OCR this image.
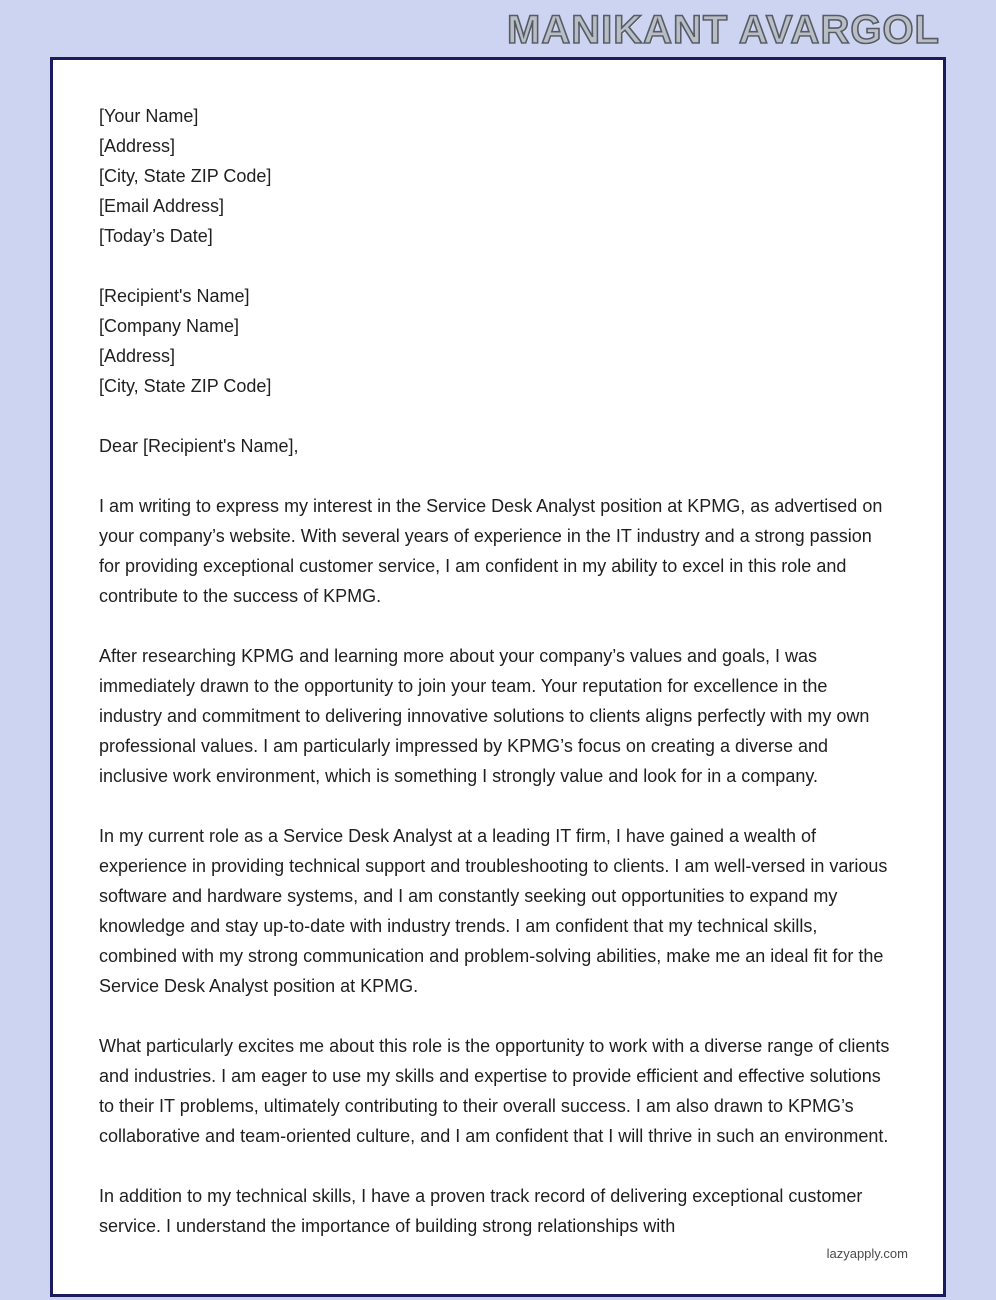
MANIKANT AVARGOL
[Your Name]
[Address]
[City, State ZIP Code]
[Email Address]
[Today’s Date]
[Recipient's Name]
[Company Name]
[Address]
[City, State ZIP Code]
Dear [Recipient's Name],

I am writing to express my interest in the Service Desk Analyst position at KPMG, as advertised on your company’s website. With several years of experience in the IT industry and a strong passion for providing exceptional customer service, I am confident in my ability to excel in this role and contribute to the success of KPMG.

After researching KPMG and learning more about your company’s values and goals, I was immediately drawn to the opportunity to join your team. Your reputation for excellence in the industry and commitment to delivering innovative solutions to clients aligns perfectly with my own professional values. I am particularly impressed by KPMG’s focus on creating a diverse and inclusive work environment, which is something I strongly value and look for in a company.

In my current role as a Service Desk Analyst at a leading IT firm, I have gained a wealth of experience in providing technical support and troubleshooting to clients. I am well-versed in various software and hardware systems, and I am constantly seeking out opportunities to expand my knowledge and stay up-to-date with industry trends. I am confident that my technical skills, combined with my strong communication and problem-solving abilities, make me an ideal fit for the Service Desk Analyst position at KPMG.

What particularly excites me about this role is the opportunity to work with a diverse range of clients and industries. I am eager to use my skills and expertise to provide efficient and effective solutions to their IT problems, ultimately contributing to their overall success. I am also drawn to KPMG’s collaborative and team-oriented culture, and I am confident that I will thrive in such an environment.

In addition to my technical skills, I have a proven track record of delivering exceptional customer service. I understand the importance of building strong relationships with

lazyapply.com
